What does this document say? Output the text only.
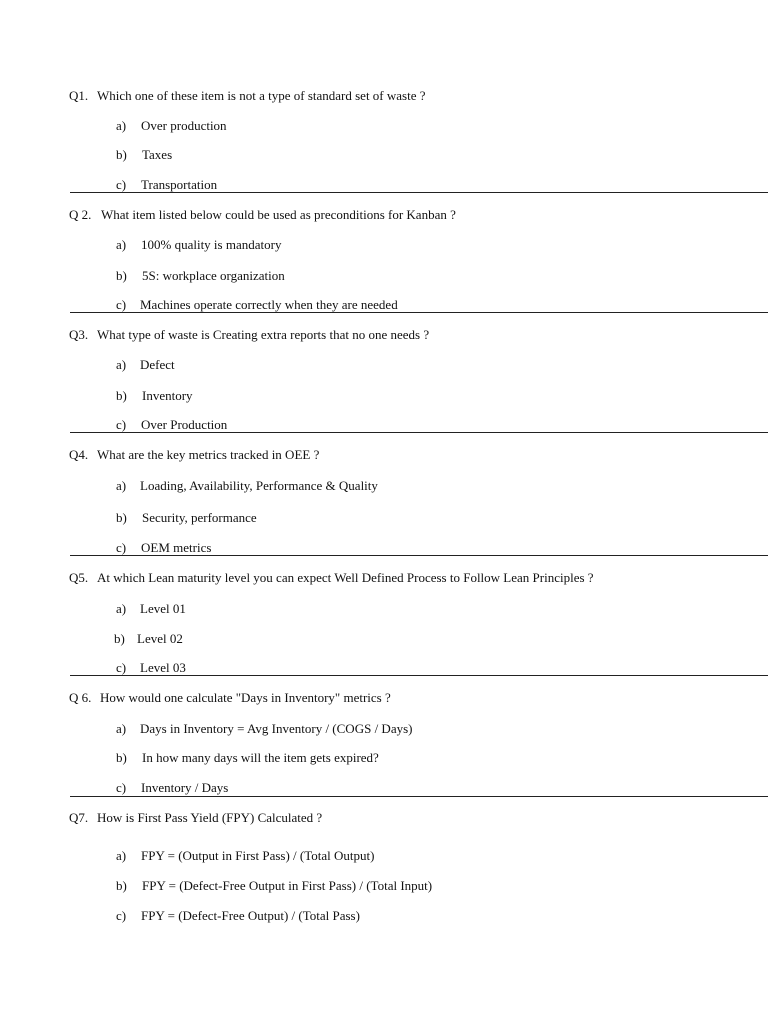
Q1. Which one of these item is not a type of standard set of waste ?
a) Over production
b) Taxes
c) Transportation
Q 2. What item listed below could be used as preconditions for Kanban ?
a) 100% quality is mandatory
b) 5S: workplace organization
c) Machines operate correctly when they are needed
Q3. What type of waste is Creating extra reports that no one needs ?
a) Defect
b) Inventory
c) Over Production
Q4. What are the key metrics tracked in OEE ?
a) Loading, Availability, Performance & Quality
b) Security, performance
c) OEM metrics
Q5. At which Lean maturity level you can expect Well Defined Process to Follow Lean Principles ?
a) Level 01
b) Level 02
c) Level 03
Q 6. How would one calculate "Days in Inventory" metrics ?
a) Days in Inventory = Avg Inventory / (COGS / Days)
b) In how many days will the item gets expired?
c) Inventory / Days
Q7. How is First Pass Yield (FPY) Calculated ?
a) FPY = (Output in First Pass) / (Total Output)
b) FPY = (Defect-Free Output in First Pass) / (Total Input)
c) FPY = (Defect-Free Output) / (Total Pass)
